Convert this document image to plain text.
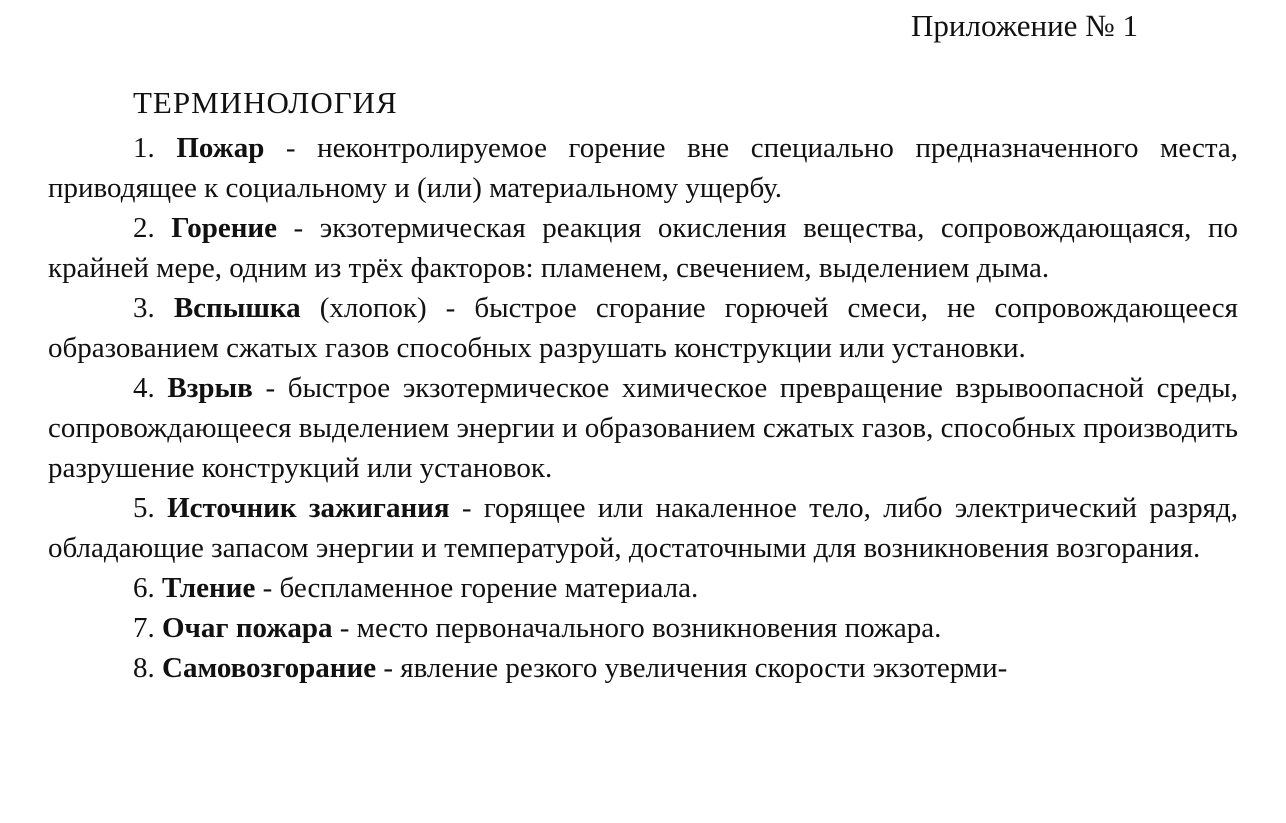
Приложение № 1
ТЕРМИНОЛОГИЯ

1. Пожар - неконтролируемое горение вне специально предназначенного места, приводящее к социальному и (или) материальному ущербу.

2. Горение - экзотермическая реакция окисления вещества, сопровождающаяся, по крайней мере, одним из трёх факторов: пламенем, свечением, выделением дыма.

3. Вспышка (хлопок) - быстрое сгорание горючей смеси, не сопровождающееся образованием сжатых газов способных разрушать конструкции или установки.

4. Взрыв - быстрое экзотермическое химическое превращение взрывоопасной среды, сопровождающееся выделением энергии и образованием сжатых газов, способных производить разрушение конструкций или установок.

5. Источник зажигания - горящее или накаленное тело, либо электрический разряд, обладающие запасом энергии и температурой, достаточными для возникновения возгорания.

6. Тление - беспламенное горение материала.

7. Очаг пожара - место первоначального возникновения пожара.

8. Самовозгорание - явление резкого увеличения скорости экзотерми-
